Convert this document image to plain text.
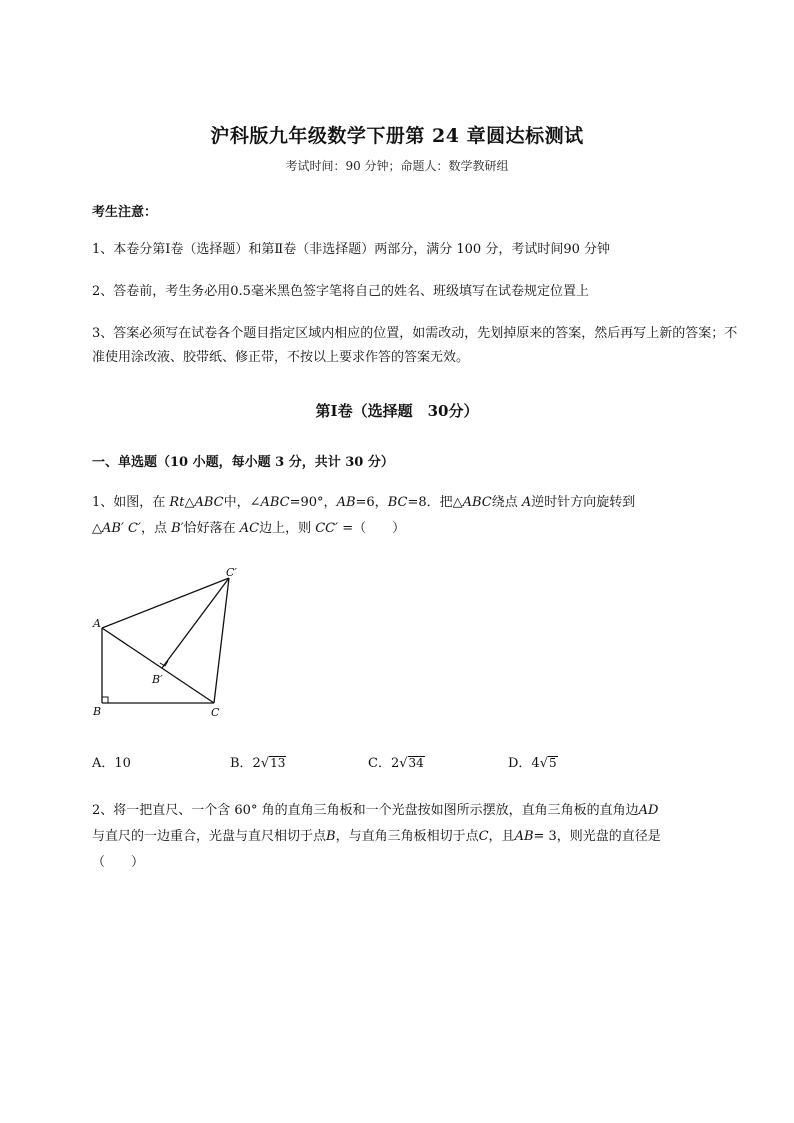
沪科版九年级数学下册第 24 章圆达标测试
考试时间：90 分钟；命题人：数学教研组
考生注意：
1、本卷分第Ⅰ卷（选择题）和第Ⅱ卷（非选择题）两部分，满分 100 分，考试时间90 分钟
2、答卷前，考生务必用0.5毫米黑色签字笔将自己的姓名、班级填写在试卷规定位置上
3、答案必须写在试卷各个题目指定区域内相应的位置，如需改动，先划掉原来的答案，然后再写上新的答案；不准使用涂改液、胶带纸、修正带，不按以上要求作答的答案无效。
第Ⅰ卷（选择题　30分）
一、单选题（10 小题，每小题 3 分，共计 30 分）
1、如图，在 Rt△ABC中，∠ABC=90°，AB=6，BC=8．把△ABC绕点 A逆时针方向旋转到
△AB′ C′，点 B′恰好落在 AC边上，则 CC′ =（　　）
A
B	C
B′
C′
A．10	B．2√13	C．2√34	D．4√5
2、将一把直尺、一个含 60° 角的直角三角板和一个光盘按如图所示摆放，直角三角板的直角边AD
与直尺的一边重合，光盘与直尺相切于点B，与直角三角板相切于点C，且AB= 3，则光盘的直径是
（　　）
